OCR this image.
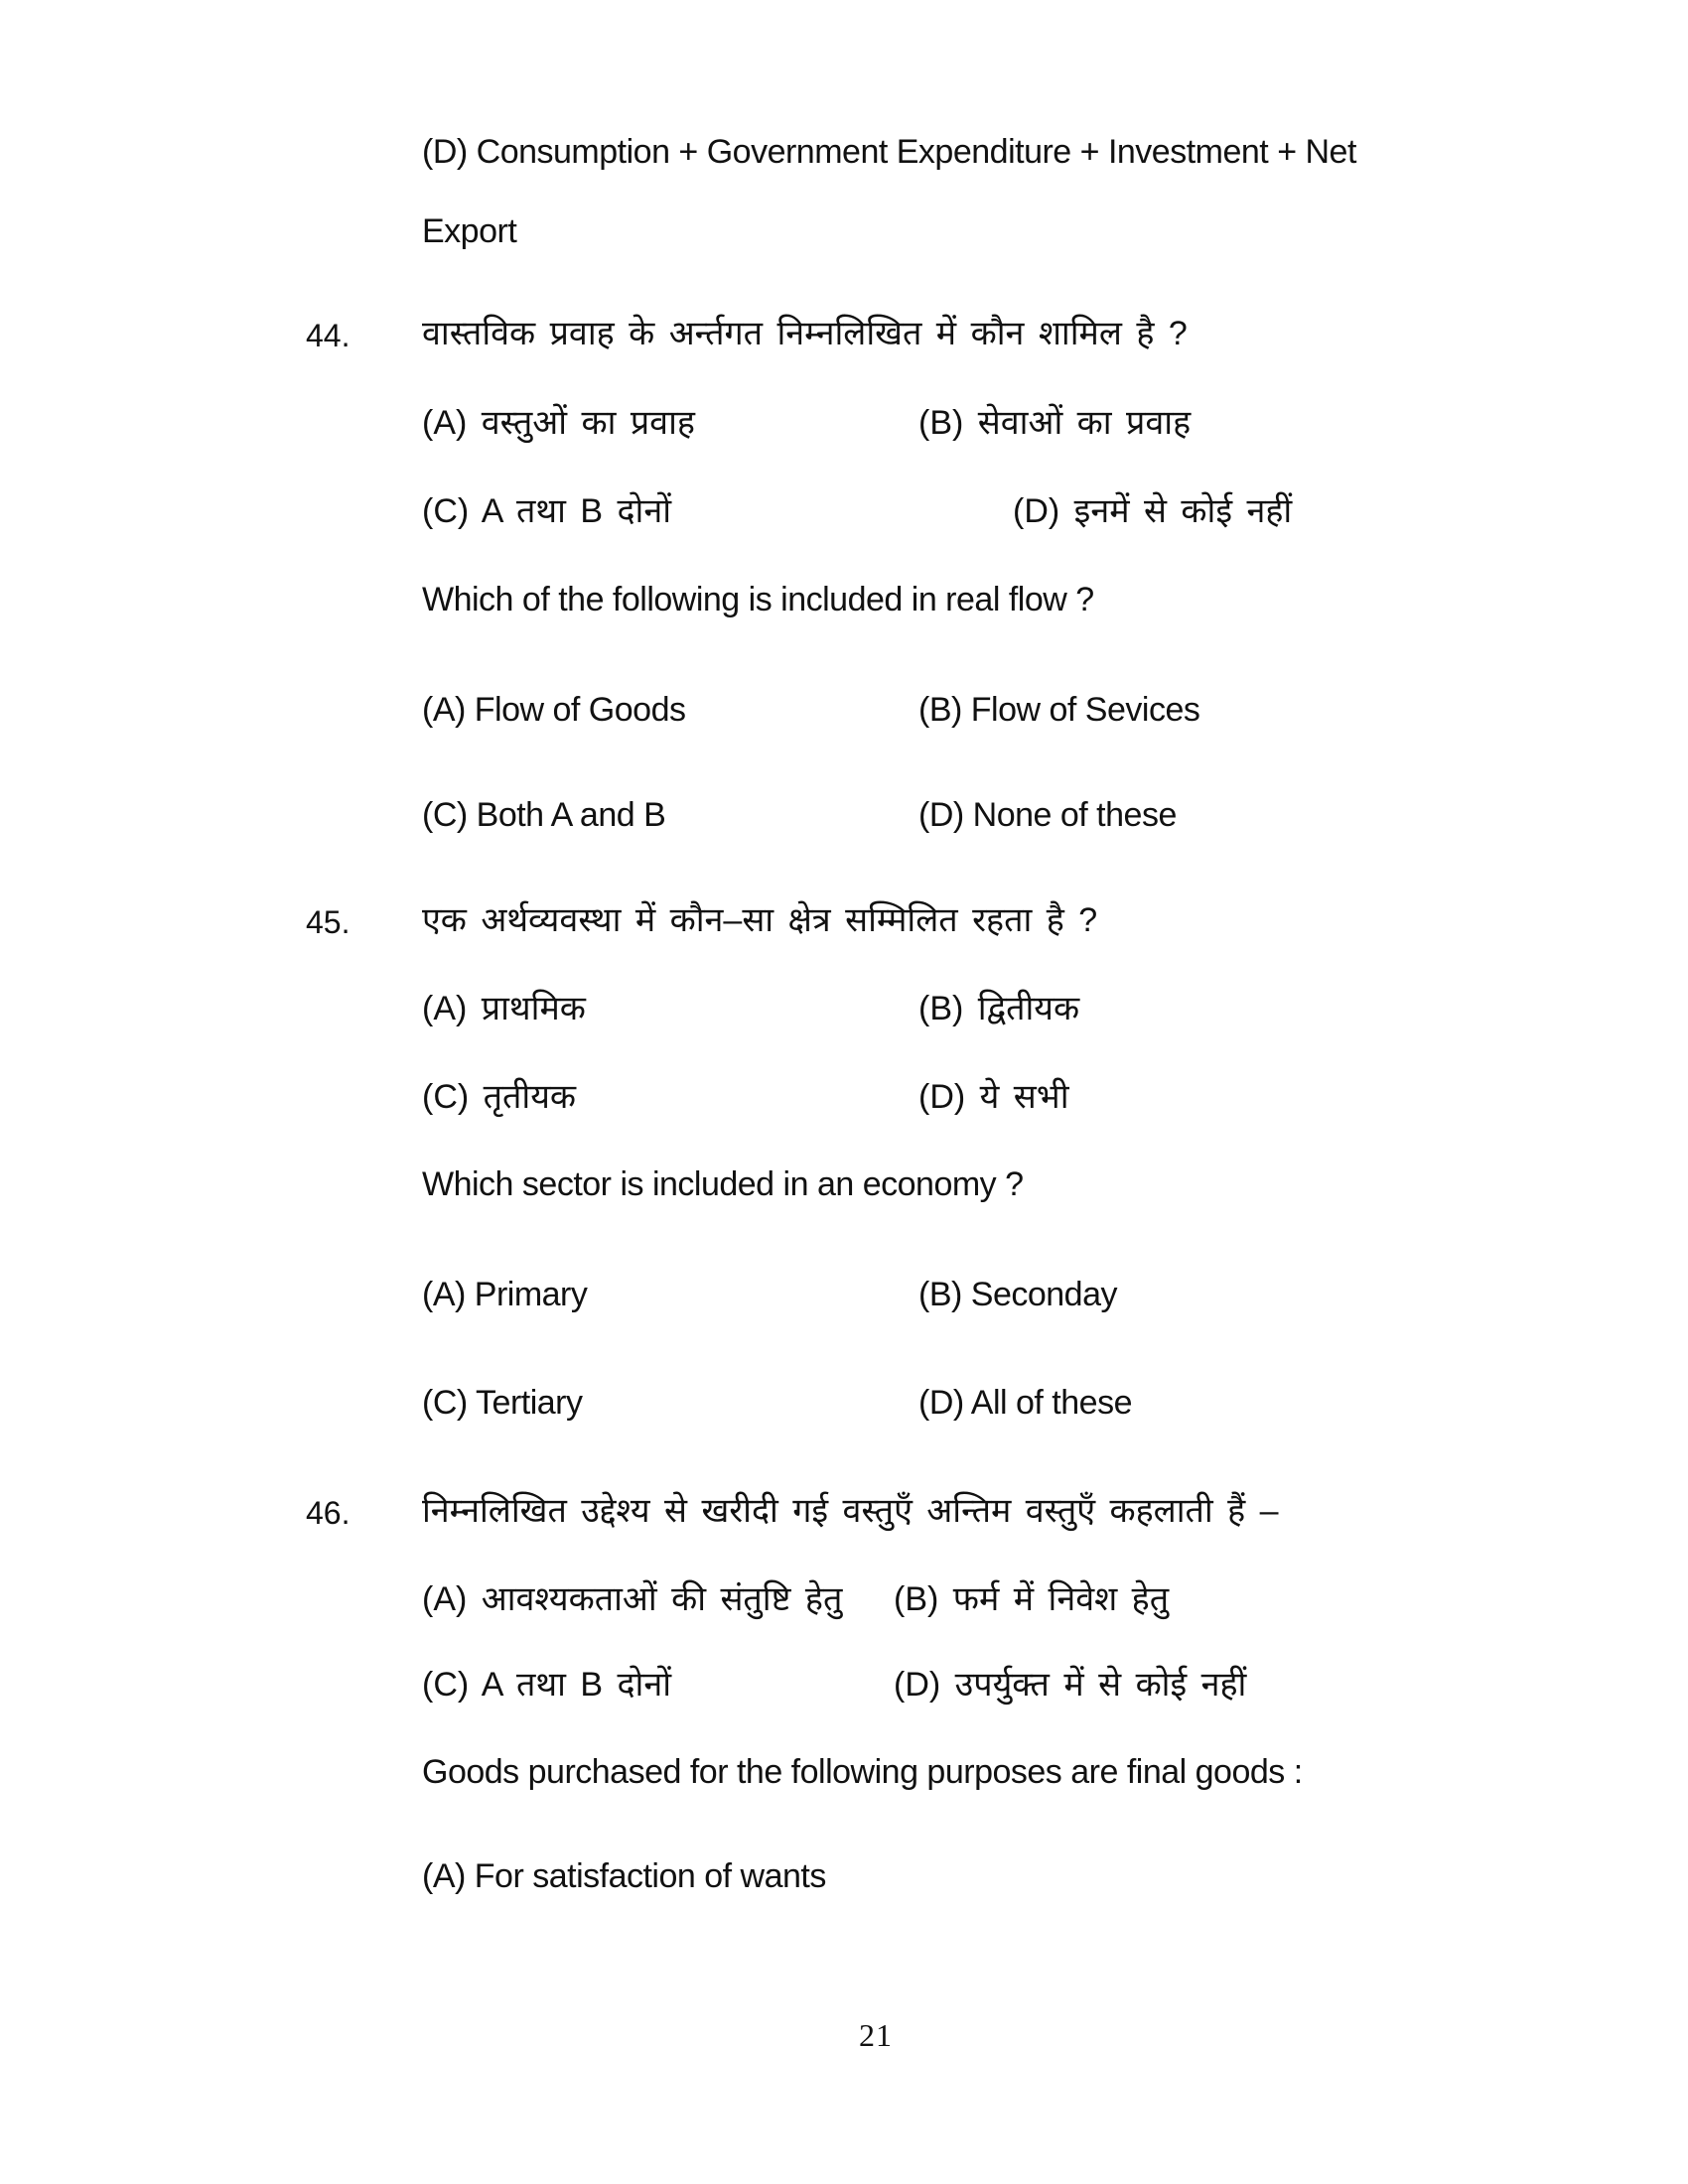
(D) Consumption + Government Expenditure + Investment + Net
Export
44. वास्तविक प्रवाह के अर्न्तगत निम्नलिखित में कौन शामिल है ?
(A) वस्तुओं का प्रवाह	(B) सेवाओं का प्रवाह
(C) A तथा B दोनों	(D) इनमें से कोई नहीं
Which of the following is included in real flow ?
(A) Flow of Goods	(B) Flow of Sevices
(C) Both A and B	(D) None of these
45. एक अर्थव्यवस्था में कौन–सा क्षेत्र सम्मिलित रहता है ?
(A) प्राथमिक	(B) द्वितीयक
(C) तृतीयक	(D) ये सभी
Which sector is included in an economy ?
(A) Primary	(B) Seconday
(C) Tertiary	(D) All of these
46. निम्नलिखित उद्देश्य से खरीदी गई वस्तुएँ अन्तिम वस्तुएँ कहलाती हैं –
(A) आवश्यकताओं की संतुष्टि हेतु (B) फर्म में निवेश हेतु
(C) A तथा B दोनों	(D) उपर्युक्त में से कोई नहीं
Goods purchased for the following purposes are final goods :
(A) For satisfaction of wants
21
